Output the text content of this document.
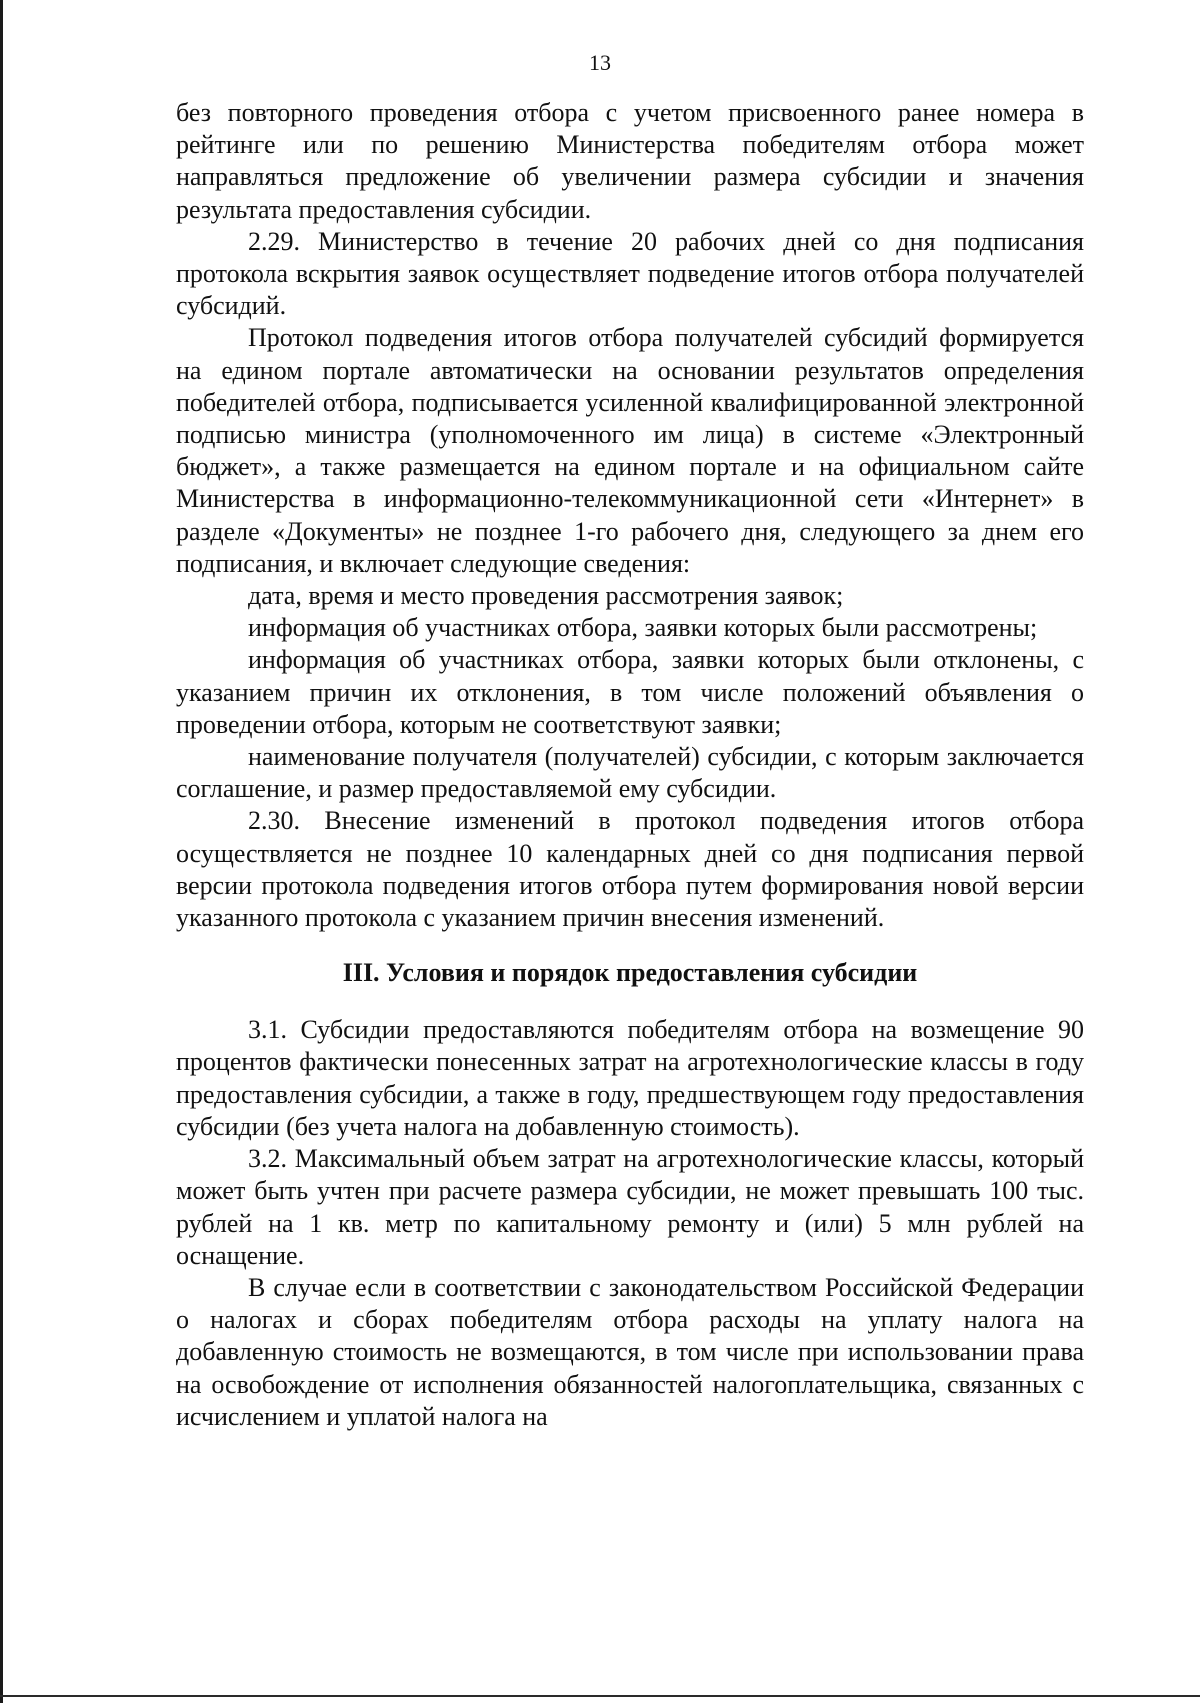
13

без повторного проведения отбора с учетом присвоенного ранее номера в рейтинге или по решению Министерства победителям отбора может направляться предложение об увеличении размера субсидии и значения результата предоставления субсидии.

2.29. Министерство в течение 20 рабочих дней со дня подписания протокола вскрытия заявок осуществляет подведение итогов отбора получателей субсидий.

Протокол подведения итогов отбора получателей субсидий формируется на едином портале автоматически на основании результатов определения победителей отбора, подписывается усиленной квалифицированной электронной подписью министра (уполномоченного им лица) в системе «Электронный бюджет», а также размещается на едином портале и на официальном сайте Министерства в информационно-телекоммуникационной сети «Интернет» в разделе «Документы» не позднее 1-го рабочего дня, следующего за днем его подписания, и включает следующие сведения:

дата, время и место проведения рассмотрения заявок;

информация об участниках отбора, заявки которых были рассмотрены;

информация об участниках отбора, заявки которых были отклонены, с указанием причин их отклонения, в том числе положений объявления о проведении отбора, которым не соответствуют заявки;

наименование получателя (получателей) субсидии, с которым заключается соглашение, и размер предоставляемой ему субсидии.

2.30. Внесение изменений в протокол подведения итогов отбора осуществляется не позднее 10 календарных дней со дня подписания первой версии протокола подведения итогов отбора путем формирования новой версии указанного протокола с указанием причин внесения изменений.

III. Условия и порядок предоставления субсидии

3.1. Субсидии предоставляются победителям отбора на возмещение 90 процентов фактически понесенных затрат на агротехнологические классы в году предоставления субсидии, а также в году, предшествующем году предоставления субсидии (без учета налога на добавленную стоимость).

3.2. Максимальный объем затрат на агротехнологические классы, который может быть учтен при расчете размера субсидии, не может превышать 100 тыс. рублей на 1 кв. метр по капитальному ремонту и (или) 5 млн рублей на оснащение.

В случае если в соответствии с законодательством Российской Федерации о налогах и сборах победителям отбора расходы на уплату налога на добавленную стоимость не возмещаются, в том числе при использовании права на освобождение от исполнения обязанностей налогоплательщика, связанных с исчислением и уплатой налога на
